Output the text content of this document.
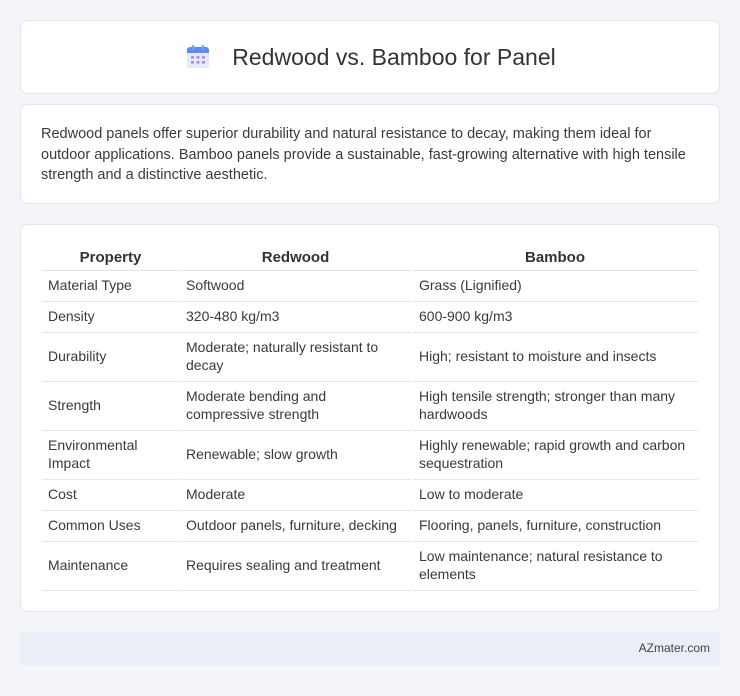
Redwood vs. Bamboo for Panel

Redwood panels offer superior durability and natural resistance to decay, making them ideal for outdoor applications. Bamboo panels provide a sustainable, fast-growing alternative with high tensile strength and a distinctive aesthetic.

Property	Redwood	Bamboo
Material Type	Softwood	Grass (Lignified)
Density	320-480 kg/m3	600-900 kg/m3
Durability	Moderate; naturally resistant to decay	High; resistant to moisture and insects
Strength	Moderate bending and compressive strength	High tensile strength; stronger than many hardwoods
Environmental Impact	Renewable; slow growth	Highly renewable; rapid growth and carbon sequestration
Cost	Moderate	Low to moderate
Common Uses	Outdoor panels, furniture, decking	Flooring, panels, furniture, construction
Maintenance	Requires sealing and treatment	Low maintenance; natural resistance to elements
AZmater.com
